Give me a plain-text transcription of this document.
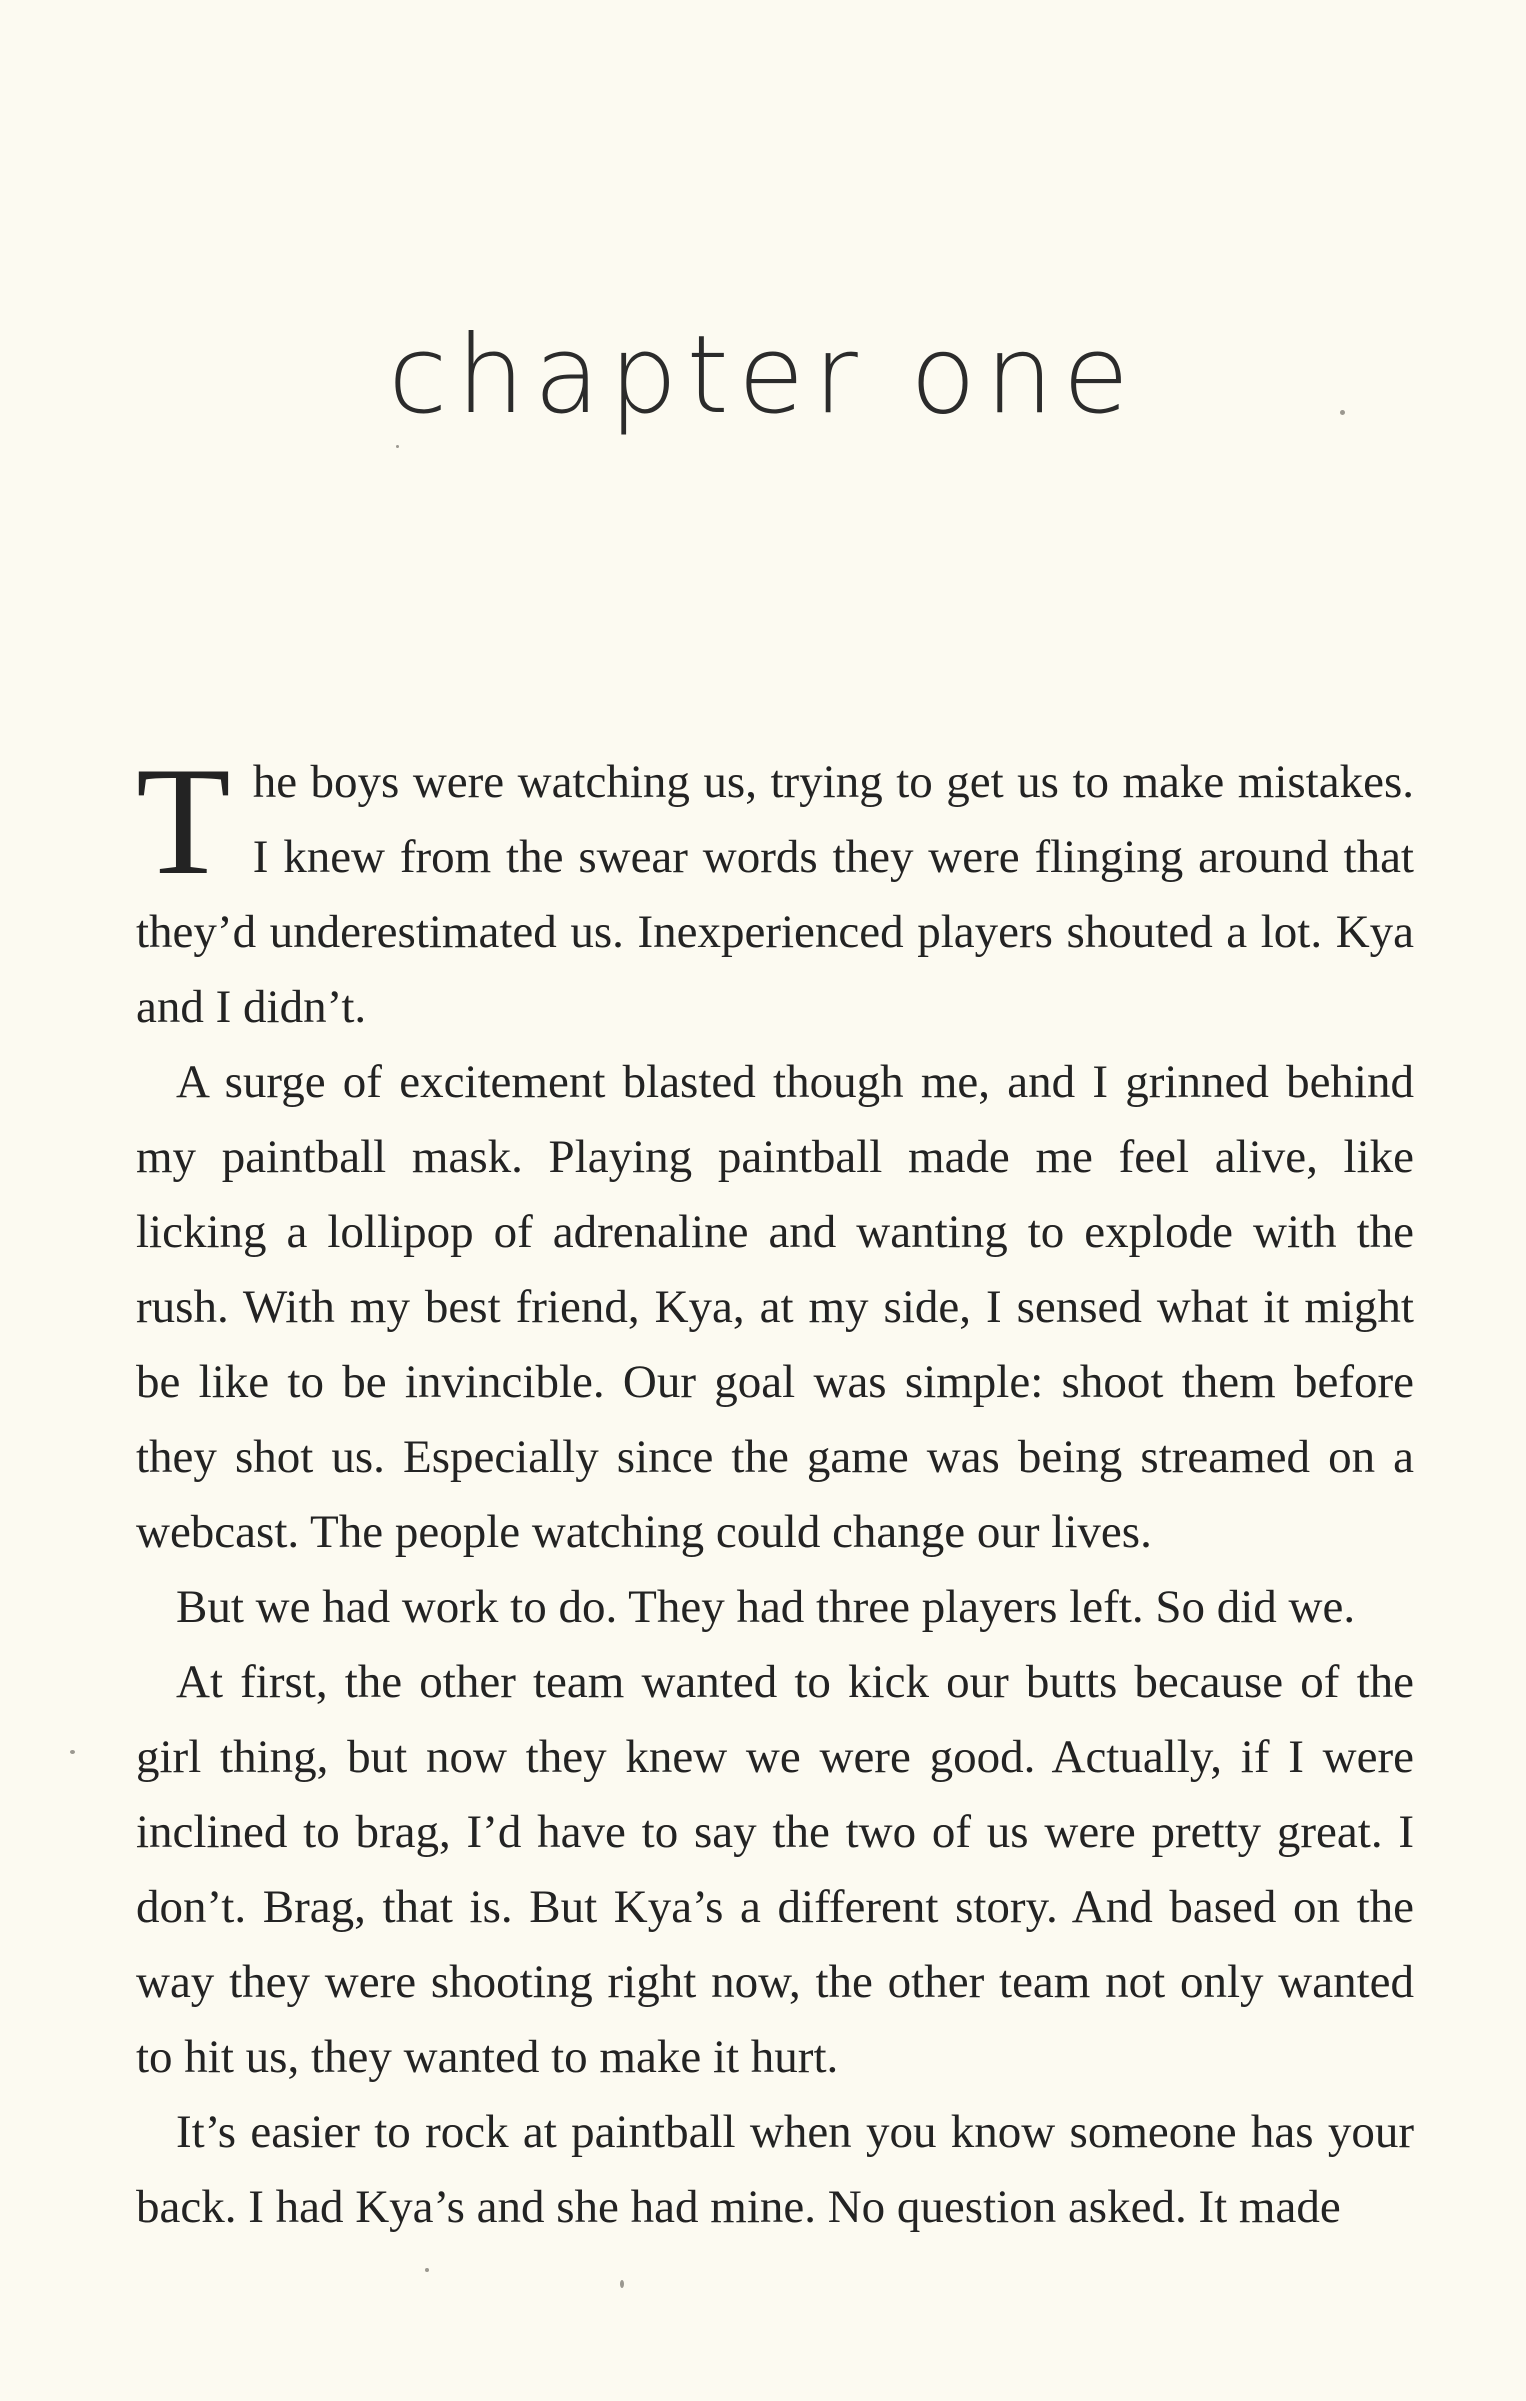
chapter one

The boys were watching us, trying to get us to make mistakes. I knew from the swear words they were flinging around that they’d underestimated us. Inexperienced players shouted a lot. Kya and I didn’t.

A surge of excitement blasted though me, and I grinned behind my paintball mask. Playing paintball made me feel alive, like licking a lollipop of adrenaline and wanting to explode with the rush. With my best friend, Kya, at my side, I sensed what it might be like to be invincible. Our goal was simple: shoot them before they shot us. Especially since the game was being streamed on a webcast. The people watching could change our lives.

But we had work to do. They had three players left. So did we.

At first, the other team wanted to kick our butts because of the girl thing, but now they knew we were good. Actually, if I were inclined to brag, I’d have to say the two of us were pretty great. I don’t. Brag, that is. But Kya’s a different story. And based on the way they were shooting right now, the other team not only wanted to hit us, they wanted to make it hurt.

It’s easier to rock at paintball when you know someone has your back. I had Kya’s and she had mine. No question asked. It made
